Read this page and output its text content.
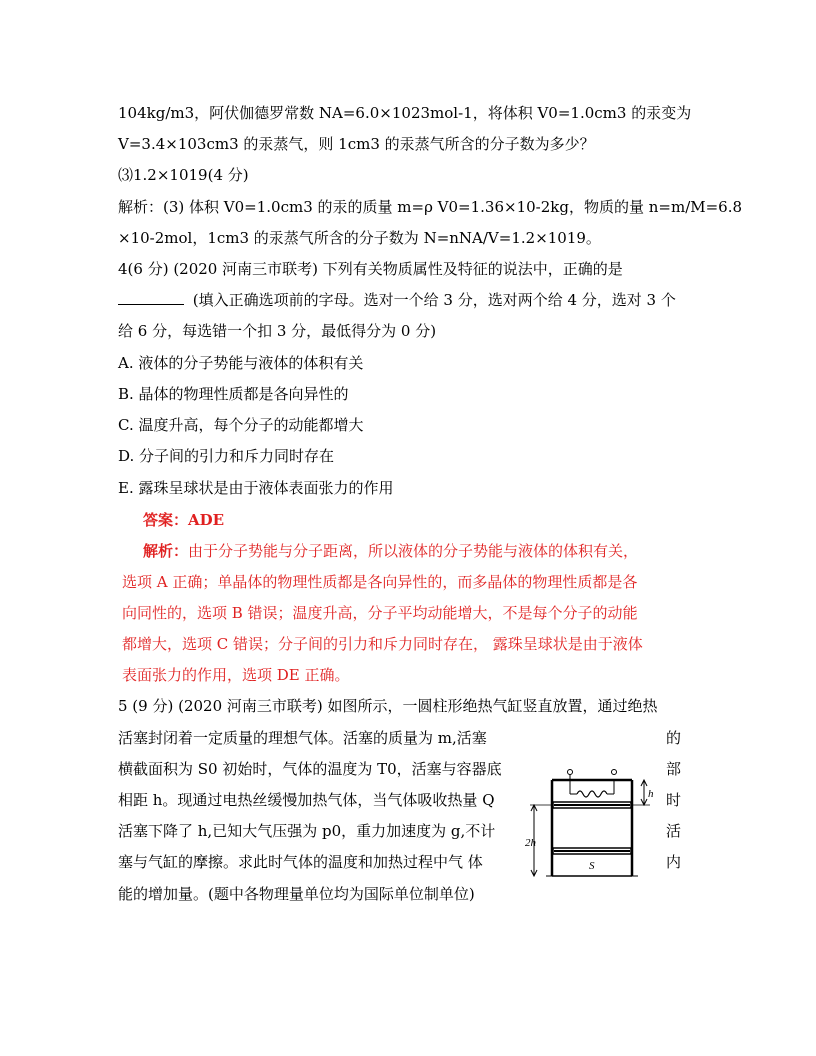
104kg/m3，阿伏伽德罗常数 NA=6.0×1023mol-1，将体积 V0=1.0cm3 的汞变为
V=3.4×103cm3 的汞蒸气，则 1cm3 的汞蒸气所含的分子数为多少？
⑶1.2×1019(4 分)
解析：(3) 体积 V0=1.0cm3 的汞的质量 m=ρ V0=1.36×10-2kg，物质的量 n=m/M=6.8
×10-2mol，1cm3 的汞蒸气所含的分子数为 N=nNA/V=1.2×1019。
4(6 分) (2020 河南三市联考) 下列有关物质属性及特征的说法中，正确的是
(填入正确选项前的字母。选对一个给 3 分，选对两个给 4 分，选对 3 个
给 6 分，每选错一个扣 3 分，最低得分为 0 分)
A. 液体的分子势能与液体的体积有关
B. 晶体的物理性质都是各向异性的
C. 温度升高，每个分子的动能都增大
D. 分子间的引力和斥力同时存在
E. 露珠呈球状是由于液体表面张力的作用
答案：ADE
解析：由于分子势能与分子距离，所以液体的分子势能与液体的体积有关，
选项 A 正确；单晶体的物理性质都是各向异性的，而多晶体的物理性质都是各
向同性的，选项 B 错误；温度升高，分子平均动能增大，不是每个分子的动能
都增大，选项 C 错误；分子间的引力和斥力同时存在， 露珠呈球状是由于液体
表面张力的作用，选项 DE 正确。
5 (9 分) (2020 河南三市联考) 如图所示，一圆柱形绝热气缸竖直放置，通过绝热
活塞封闭着一定质量的理想气体。活塞的质量为 m,活塞
横截面积为 S0 初始时，气体的温度为 T0，活塞与容器底
相距 h。现通过电热丝缓慢加热气体，当气体吸收热量 Q
活塞下降了 h,已知大气压强为 p0，重力加速度为 g,不计
塞与气缸的摩擦。求此时气体的温度和加热过程中气 体
能的增加量。(题中各物理量单位均为国际单位制单位)
的
部
时
活
内
2h
h
S
